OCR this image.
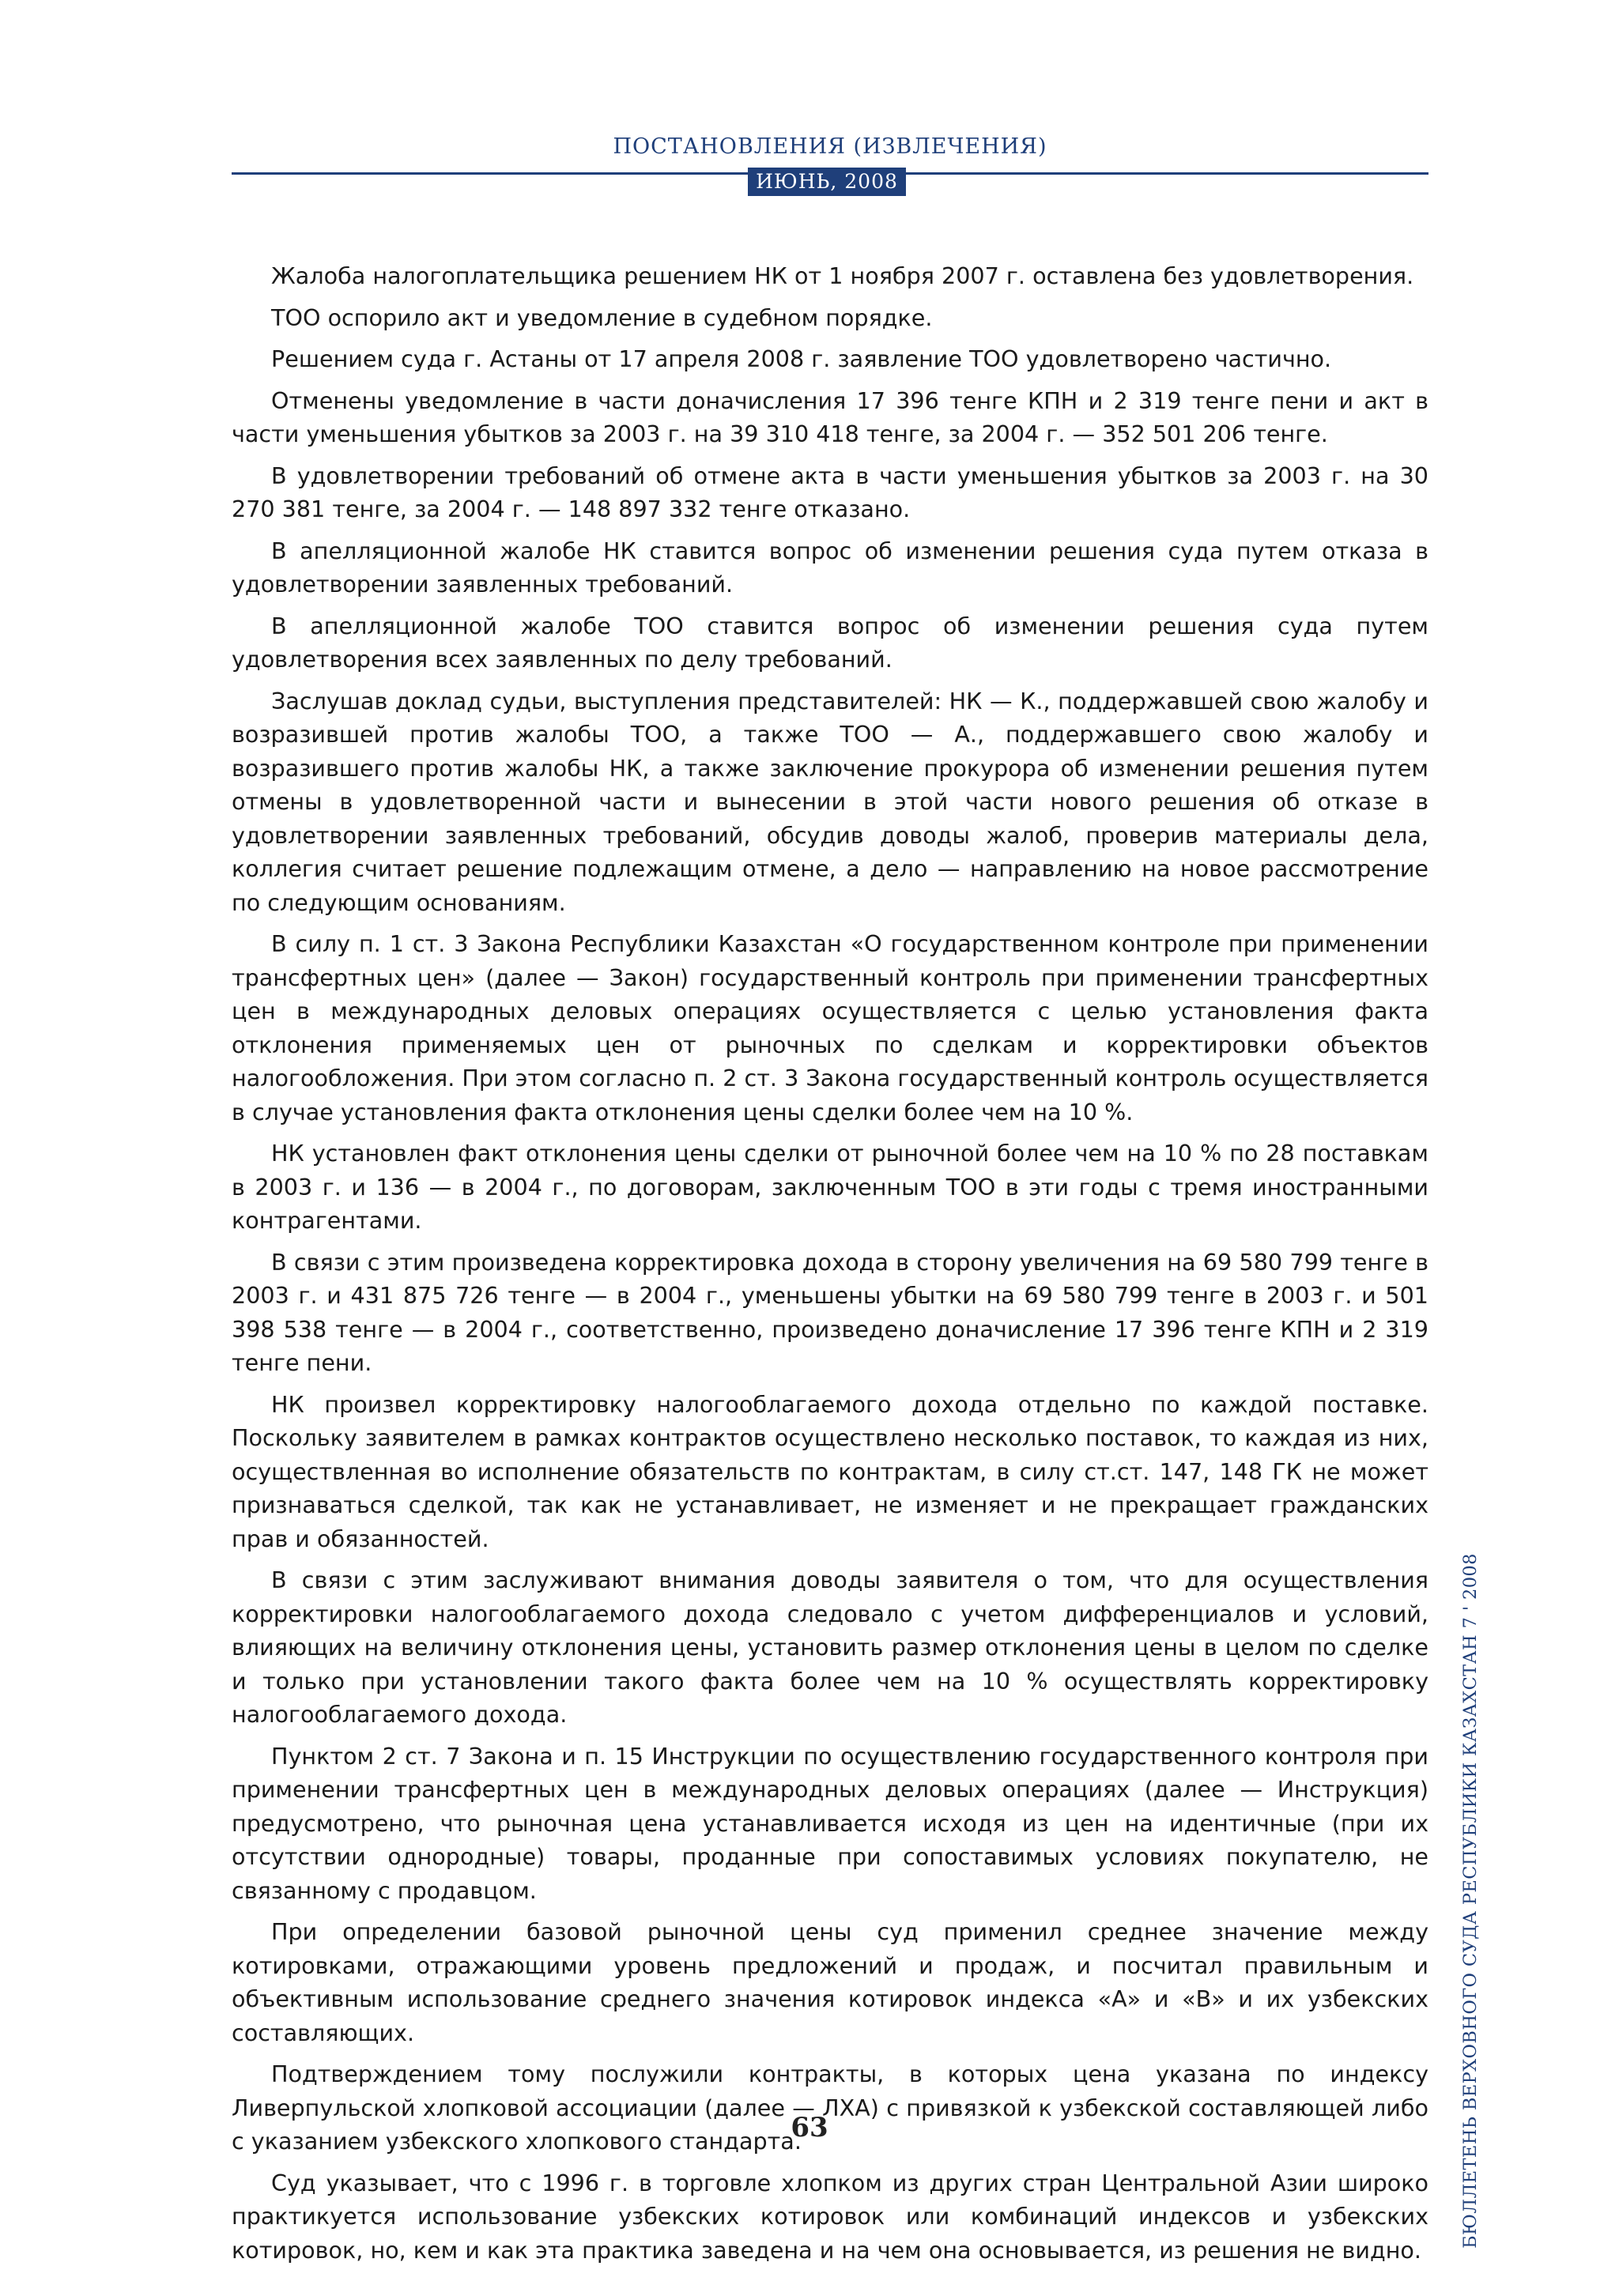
ПОСТАНОВЛЕНИЯ (ИЗВЛЕЧЕНИЯ)
ИЮНЬ, 2008

Жалоба налогоплательщика решением НК от 1 ноября 2007 г. оставлена без удовлетворения.

ТОО оспорило акт и уведомление в судебном порядке.

Решением суда г. Астаны от 17 апреля 2008 г. заявление ТОО удовлетворено частично.

Отменены уведомление в части доначисления 17 396 тенге КПН и 2 319 тенге пени и акт в части уменьшения убытков за 2003 г. на 39 310 418 тенге, за 2004 г. — 352 501 206 тенге.

В удовлетворении требований об отмене акта в части уменьшения убытков за 2003 г. на 30 270 381 тенге, за 2004 г. — 148 897 332 тенге отказано.

В апелляционной жалобе НК ставится вопрос об изменении решения суда путем отказа в удовлетворении заявленных требований.

В апелляционной жалобе ТОО ставится вопрос об изменении решения суда путем удовлетворения всех заявленных по делу требований.

Заслушав доклад судьи, выступления представителей: НК — К., поддержавшей свою жалобу и возразившей против жалобы ТОО, а также ТОО — А., поддержавшего свою жалобу и возразившего против жалобы НК, а также заключение прокурора об изменении решения путем отмены в удовлетворенной части и вынесении в этой части нового решения об отказе в удовлетворении заявленных требований, обсудив доводы жалоб, проверив материалы дела, коллегия считает решение подлежащим отмене, а дело — направлению на новое рассмотрение по следующим основаниям.

В силу п. 1 ст. 3 Закона Республики Казахстан «О государственном контроле при применении трансфертных цен» (далее — Закон) государственный контроль при применении трансфертных цен в международных деловых операциях осуществляется с целью установления факта отклонения применяемых цен от рыночных по сделкам и корректировки объектов налогообложения. При этом согласно п. 2 ст. 3 Закона государственный контроль осуществляется в случае установления факта отклонения цены сделки более чем на 10 %.

НК установлен факт отклонения цены сделки от рыночной более чем на 10 % по 28 поставкам в 2003 г. и 136 — в 2004 г., по договорам, заключенным ТОО в эти годы с тремя иностранными контрагентами.

В связи с этим произведена корректировка дохода в сторону увеличения на 69 580 799 тенге в 2003 г. и 431 875 726 тенге — в 2004 г., уменьшены убытки на 69 580 799 тенге в 2003 г. и 501 398 538 тенге — в 2004 г., соответственно, произведено доначисление 17 396 тенге КПН и 2 319 тенге пени.

НК произвел корректировку налогооблагаемого дохода отдельно по каждой поставке. Поскольку заявителем в рамках контрактов осуществлено несколько поставок, то каждая из них, осуществленная во исполнение обязательств по контрактам, в силу ст.ст. 147, 148 ГК не может признаваться сделкой, так как не устанавливает, не изменяет и не прекращает гражданских прав и обязанностей.

В связи с этим заслуживают внимания доводы заявителя о том, что для осуществления корректировки налогооблагаемого дохода следовало с учетом дифференциалов и условий, влияющих на величину отклонения цены, установить размер отклонения цены в целом по сделке и только при установлении такого факта более чем на 10 % осуществлять корректировку налогооблагаемого дохода.

Пунктом 2 ст. 7 Закона и п. 15 Инструкции по осуществлению государственного контроля при применении трансфертных цен в международных деловых операциях (далее — Инструкция) предусмотрено, что рыночная цена устанавливается исходя из цен на идентичные (при их отсутствии однородные) товары, проданные при сопоставимых условиях покупателю, не связанному с продавцом.

При определении базовой рыночной цены суд применил среднее значение между котировками, отражающими уровень предложений и продаж, и посчитал правильным и объективным использование среднего значения котировок индекса «А» и «В» и их узбекских составляющих.

Подтверждением тому послужили контракты, в которых цена указана по индексу Ливерпульской хлопковой ассоциации (далее — ЛХА) с привязкой к узбекской составляющей либо с указанием узбекского хлопкового стандарта.

Суд указывает, что с 1996 г. в торговле хлопком из других стран Центральной Азии широко практикуется использование узбекских котировок или комбинаций индексов и узбекских котировок, но, кем и как эта практика заведена и на чем она основывается, из решения не видно.

63	БЮЛЛЕТЕНЬ ВЕРХОВНОГО СУДА РЕСПУБЛИКИ КАЗАХСТАН 7 ' 2008
